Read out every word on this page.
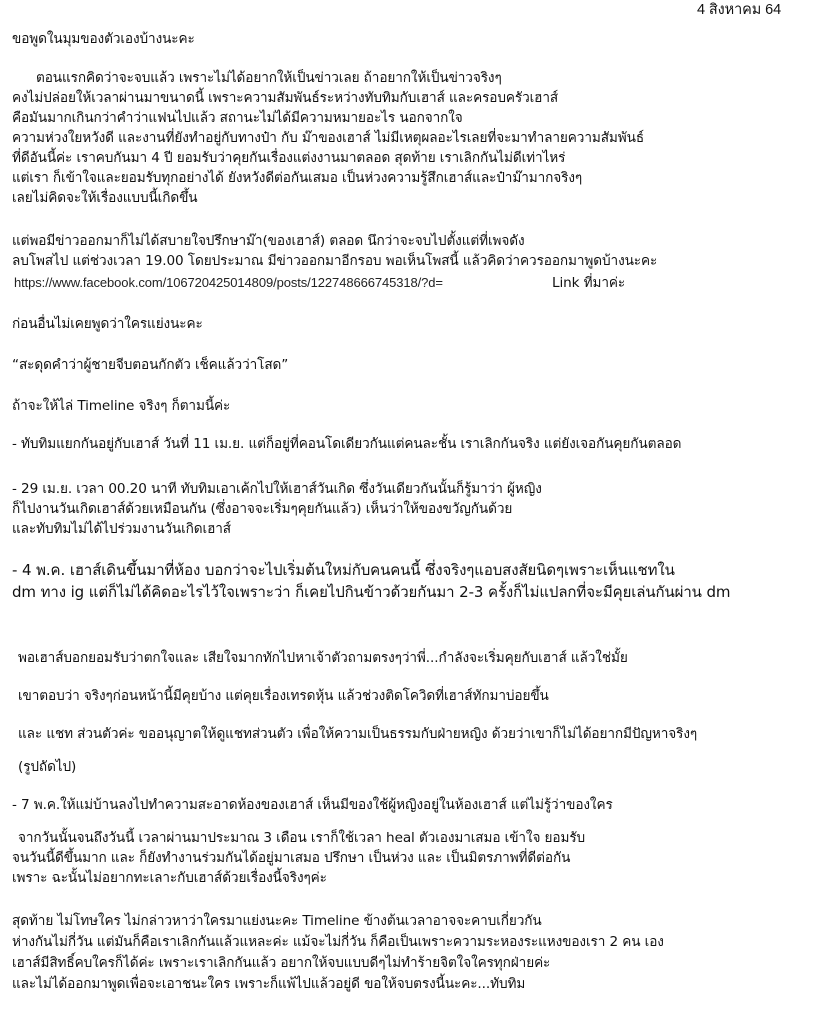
4 สิงหาคม 64
ขอพูดในมุมของตัวเองบ้างนะคะ
ตอนแรกคิดว่าจะจบแล้ว เพราะไม่ได้อยากให้เป็นข่าวเลย ถ้าอยากให้เป็นข่าวจริงๆ
คงไม่ปล่อยให้เวลาผ่านมาขนาดนี้ เพราะความสัมพันธ์ระหว่างทับทิมกับเฮาส์ และครอบครัวเฮาส์
คือมันมากเกินกว่าคำว่าแฟนไปแล้ว สถานะไม่ได้มีความหมายอะไร นอกจากใจ
ความห่วงใยหวังดี และงานที่ยังทำอยู่กับทางป๋า กับ ม๊าของเฮาส์ ไม่มีเหตุผลอะไรเลยที่จะมาทำลายความสัมพันธ์
ที่ดีอันนี้ค่ะ เราคบกันมา 4 ปี ยอมรับว่าคุยกันเรื่องแต่งงานมาตลอด สุดท้าย เราเลิกกันไม่ดีเท่าไหร่
แต่เรา ก็เข้าใจและยอมรับทุกอย่างได้ ยังหวังดีต่อกันเสมอ เป็นห่วงความรู้สึกเฮาส์และป๋าม๊ามากจริงๆ
เลยไม่คิดจะให้เรื่องแบบนี้เกิดขึ้น
แต่พอมีข่าวออกมาก็ไม่ได้สบายใจปรึกษาม๊า(ของเฮาส์) ตลอด นึกว่าจะจบไปตั้งแต่ที่เพจดัง
ลบโพสไป แต่ช่วงเวลา 19.00 โดยประมาณ มีข่าวออกมาอีกรอบ พอเห็นโพสนี้ แล้วคิดว่าควรออกมาพูดบ้างนะคะ
https://www.facebook.com/106720425014809/posts/122748666745318/?d=	Link ที่มาค่ะ
ก่อนอื่นไม่เคยพูดว่าใครแย่งนะคะ
“สะดุดคำว่าผู้ชายจีบตอนกักตัว เช็คแล้วว่าโสด”
ถ้าจะให้ไล่ Timeline จริงๆ ก็ตามนี้ค่ะ
- ทับทิมแยกกันอยู่กับเฮาส์ วันที่ 11 เม.ย. แต่ก็อยู่ที่คอนโดเดียวกันแต่คนละชั้น เราเลิกกันจริง แต่ยังเจอกันคุยกันตลอด
- 29 เม.ย. เวลา 00.20 นาที ทับทิมเอาเค้กไปให้เฮาส์วันเกิด ซึ่งวันเดียวกันนั้นก็รู้มาว่า ผู้หญิง
ก็ไปงานวันเกิดเฮาส์ด้วยเหมือนกัน (ซึ่งอาจจะเริ่มๆคุยกันแล้ว) เห็นว่าให้ของขวัญกันด้วย
และทับทิมไม่ได้ไปร่วมงานวันเกิดเฮาส์
- 4 พ.ค. เฮาส์เดินขึ้นมาที่ห้อง บอกว่าจะไปเริ่มต้นใหม่กับคนคนนี้ ซึ่งจริงๆแอบสงสัยนิดๆเพราะเห็นแชทใน
dm ทาง ig แต่ก็ไม่ได้คิดอะไรไว้ใจเพราะว่า ก็เคยไปกินข้าวด้วยกันมา 2-3 ครั้งก็ไม่แปลกที่จะมีคุยเล่นกันผ่าน dm
พอเฮาส์บอกยอมรับว่าตกใจและ เสียใจมากทักไปหาเจ้าตัวถามตรงๆว่าพี่...กำลังจะเริ่มคุยกับเฮาส์ แล้วใช่มั้ย
เขาตอบว่า จริงๆก่อนหน้านี้มีคุยบ้าง แต่คุยเรื่องเทรดหุ้น แล้วช่วงติดโควิดที่เฮาส์ทักมาบ่อยขึ้น
และ แชท ส่วนตัวค่ะ ขออนุญาตให้ดูแชทส่วนตัว เพื่อให้ความเป็นธรรมกับฝ่ายหญิง ด้วยว่าเขาก็ไม่ได้อยากมีปัญหาจริงๆ
(รูปถัดไป)
- 7 พ.ค.ให้แม่บ้านลงไปทำความสะอาดห้องของเฮาส์ เห็นมีของใช้ผู้หญิงอยู่ในห้องเฮาส์ แต่ไม่รู้ว่าของใคร
จากวันนั้นจนถึงวันนี้ เวลาผ่านมาประมาณ 3 เดือน เราก็ใช้เวลา heal ตัวเองมาเสมอ เข้าใจ ยอมรับ
จนวันนี้ดีขึ้นมาก และ ก็ยังทำงานร่วมกันได้อยู่มาเสมอ ปรึกษา เป็นห่วง และ เป็นมิตรภาพที่ดีต่อกัน
เพราะ ฉะนั้นไม่อยากทะเลาะกับเฮาส์ด้วยเรื่องนี้จริงๆค่ะ
สุดท้าย ไม่โทษใคร ไม่กล่าวหาว่าใครมาแย่งนะคะ Timeline ข้างต้นเวลาอาจจะคาบเกี่ยวกัน
ห่างกันไม่กี่วัน แต่มันก็คือเราเลิกกันแล้วแหละค่ะ แม้จะไม่กี่วัน ก็คือเป็นเพราะความระหองระแหงของเรา 2 คน เอง
เฮาส์มีสิทธิ์คบใครก็ได้ค่ะ เพราะเราเลิกกันแล้ว อยากให้จบแบบดีๆไม่ทำร้ายจิตใจใครทุกฝ่ายค่ะ
และไม่ได้ออกมาพูดเพื่อจะเอาชนะใคร เพราะก็แพ้ไปแล้วอยู่ดี ขอให้จบตรงนี้นะคะ...ทับทิม
